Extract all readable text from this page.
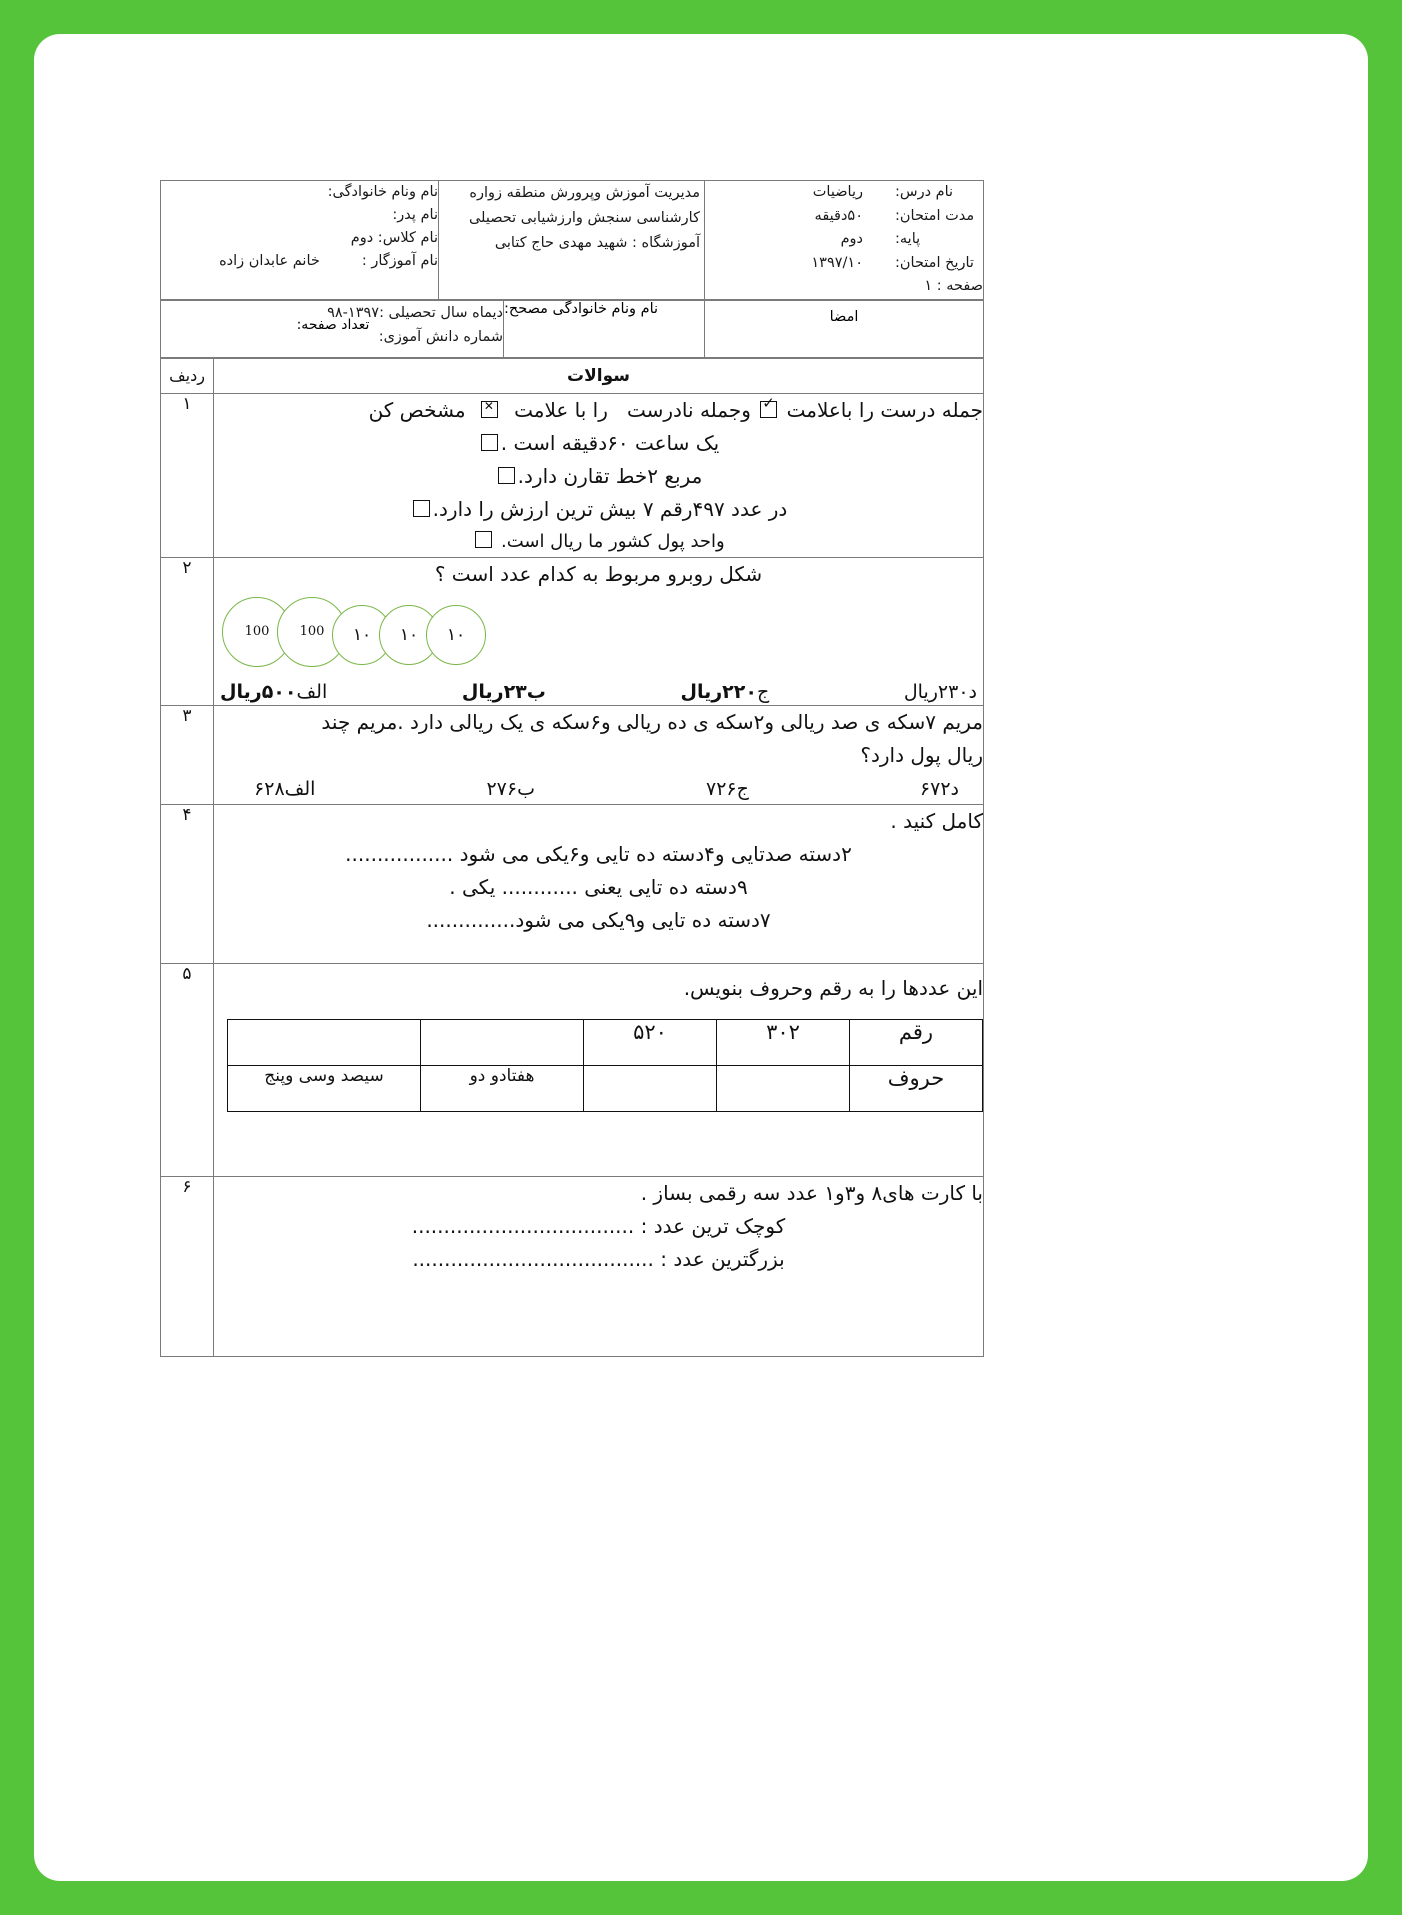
نام درس:
ریاضیات
مدت امتحان:
۵۰دقیقه
پایه:
دوم
تاریخ امتحان:
۱۳۹۷/۱۰
صفحه : ۱

مدیریت آموزش وپرورش منطقه زواره
کارشناسی سنجش وارزشیابی تحصیلی
آموزشگاه : شهید مهدی حاج کتابی

نام ونام خانوادگی:
نام پدر:
نام کلاس: دوم
نام آموزگار :
خانم عابدان زاده
امضا

نام ونام خانوادگی مصحح:

دیماه سال تحصیلی :۱۳۹۷-۹۸
شماره دانش آموزی:

تعداد صفحه:
سوالات

ردیف

جمله درست را باعلامت ✓ وجمله نادرست   را با علامت  ✕  مشخص کن
یک ساعت ۶۰دقیقه است .
مربع ۲خط تقارن دارد.
در عدد ۴۹۷رقم ۷ بیش ترین ارزش را دارد.
واحد پول کشور ما ریال است.
	۱

شکل روبرو مربوط به کدام عدد است ؟
100	100	۱۰	۱۰	۱۰
د۲۳۰ریال
ج۲۲۰ریال
ب۲۳ریال
الف۵۰۰ریال
	۲

مریم ۷سکه ی صد ریالی و۲سکه ی ده ریالی و۶سکه ی یک ریالی دارد .مریم چند
ریال پول دارد؟
د۶۷۲
ج۷۲۶
ب۲۷۶
الف۶۲۸
	۳

کامل کنید .
۲دسته صدتایی و۴دسته ده تایی و۶یکی می شود .................
۹دسته ده تایی یعنی ............ یکی .
۷دسته ده تایی و۹یکی می شود..............
	۴

این عددها را به رقم وحروف بنویس.
رقم	۳۰۲	۵۲۰		
حروف			هفتادو دو	سیصد وسی وپنج
	۵

با کارت های۸ و۳و۱ عدد سه رقمی بساز .
کوچک ترین عدد : ...................................
بزرگترین عدد : ......................................
	۶
